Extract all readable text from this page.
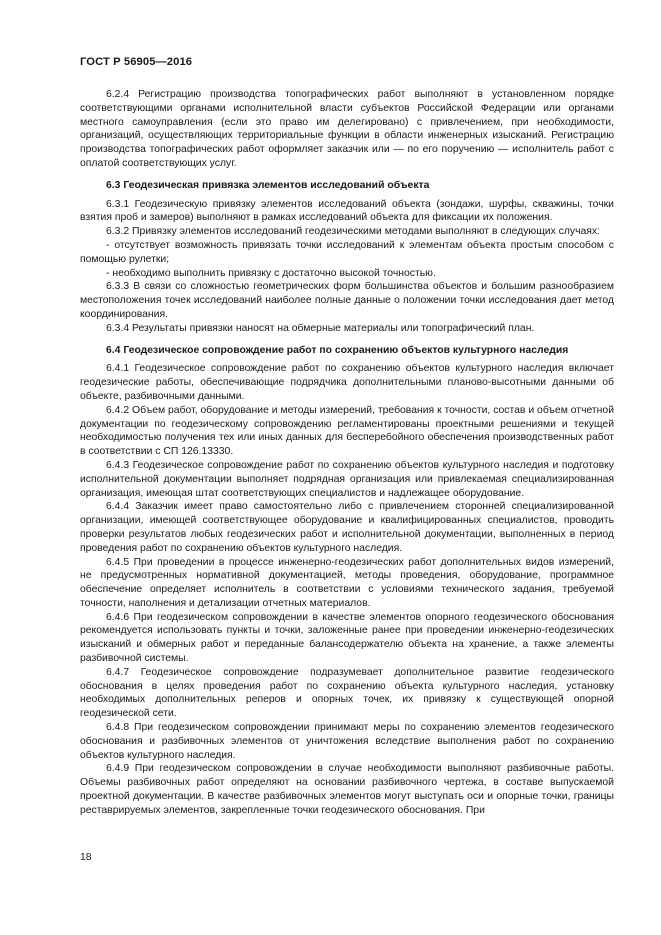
ГОСТ Р 56905—2016

6.2.4 Регистрацию производства топографических работ выполняют в установленном порядке соответствующими органами исполнительной власти субъектов Российской Федерации или органами местного самоуправления (если это право им делегировано) с привлечением, при необходимости, организаций, осуществляющих территориальные функции в области инженерных изысканий. Регистрацию производства топографических работ оформляет заказчик или — по его поручению — исполнитель работ с оплатой соответствующих услуг.

6.3 Геодезическая привязка элементов исследований объекта

6.3.1 Геодезическую привязку элементов исследований объекта (зондажи, шурфы, скважины, точки взятия проб и замеров) выполняют в рамках исследований объекта для фиксации их положения.

6.3.2 Привязку элементов исследований геодезическими методами выполняют в следующих случаях:

- отсутствует возможность привязать точки исследований к элементам объекта простым способом с помощью рулетки;

- необходимо выполнить привязку с достаточно высокой точностью.

6.3.3 В связи со сложностью геометрических форм большинства объектов и большим разнообразием местоположения точек исследований наиболее полные данные о положении точки исследования дает метод координирования.

6.3.4 Результаты привязки наносят на обмерные материалы или топографический план.

6.4 Геодезическое сопровождение работ по сохранению объектов культурного наследия

6.4.1 Геодезическое сопровождение работ по сохранению объектов культурного наследия включает геодезические работы, обеспечивающие подрядчика дополнительными планово-высотными данными об объекте, разбивочными данными.

6.4.2 Объем работ, оборудование и методы измерений, требования к точности, состав и объем отчетной документации по геодезическому сопровождению регламентированы проектными решениями и текущей необходимостью получения тех или иных данных для бесперебойного обеспечения производственных работ в соответствии с СП 126.13330.

6.4.3 Геодезическое сопровождение работ по сохранению объектов культурного наследия и подготовку исполнительной документации выполняет подрядная организация или привлекаемая специализированная организация, имеющая штат соответствующих специалистов и надлежащее оборудование.

6.4.4 Заказчик имеет право самостоятельно либо с привлечением сторонней специализированной организации, имеющей соответствующее оборудование и квалифицированных специалистов, проводить проверки результатов любых геодезических работ и исполнительной документации, выполненных в период проведения работ по сохранению объектов культурного наследия.

6.4.5 При проведении в процессе инженерно-геодезических работ дополнительных видов измерений, не предусмотренных нормативной документацией, методы проведения, оборудование, программное обеспечение определяет исполнитель в соответствии с условиями технического задания, требуемой точности, наполнения и детализации отчетных материалов.

6.4.6 При геодезическом сопровождении в качестве элементов опорного геодезического обоснования рекомендуется использовать пункты и точки, заложенные ранее при проведении инженерно-геодезических изысканий и обмерных работ и переданные балансодержателю объекта на хранение, а также элементы разбивочной системы.

6.4.7 Геодезическое сопровождение подразумевает дополнительное развитие геодезического обоснования в целях проведения работ по сохранению объекта культурного наследия, установку необходимых дополнительных реперов и опорных точек, их привязку к существующей опорной геодезической сети.

6.4.8 При геодезическом сопровождении принимают меры по сохранению элементов геодезического обоснования и разбивочных элементов от уничтожения вследствие выполнения работ по сохранению объектов культурного наследия.

6.4.9 При геодезическом сопровождении в случае необходимости выполняют разбивочные работы. Объемы разбивочных работ определяют на основании разбивочного чертежа, в составе выпускаемой проектной документации. В качестве разбивочных элементов могут выступать оси и опорные точки, границы реставрируемых элементов, закрепленные точки геодезического обоснования. При

18
